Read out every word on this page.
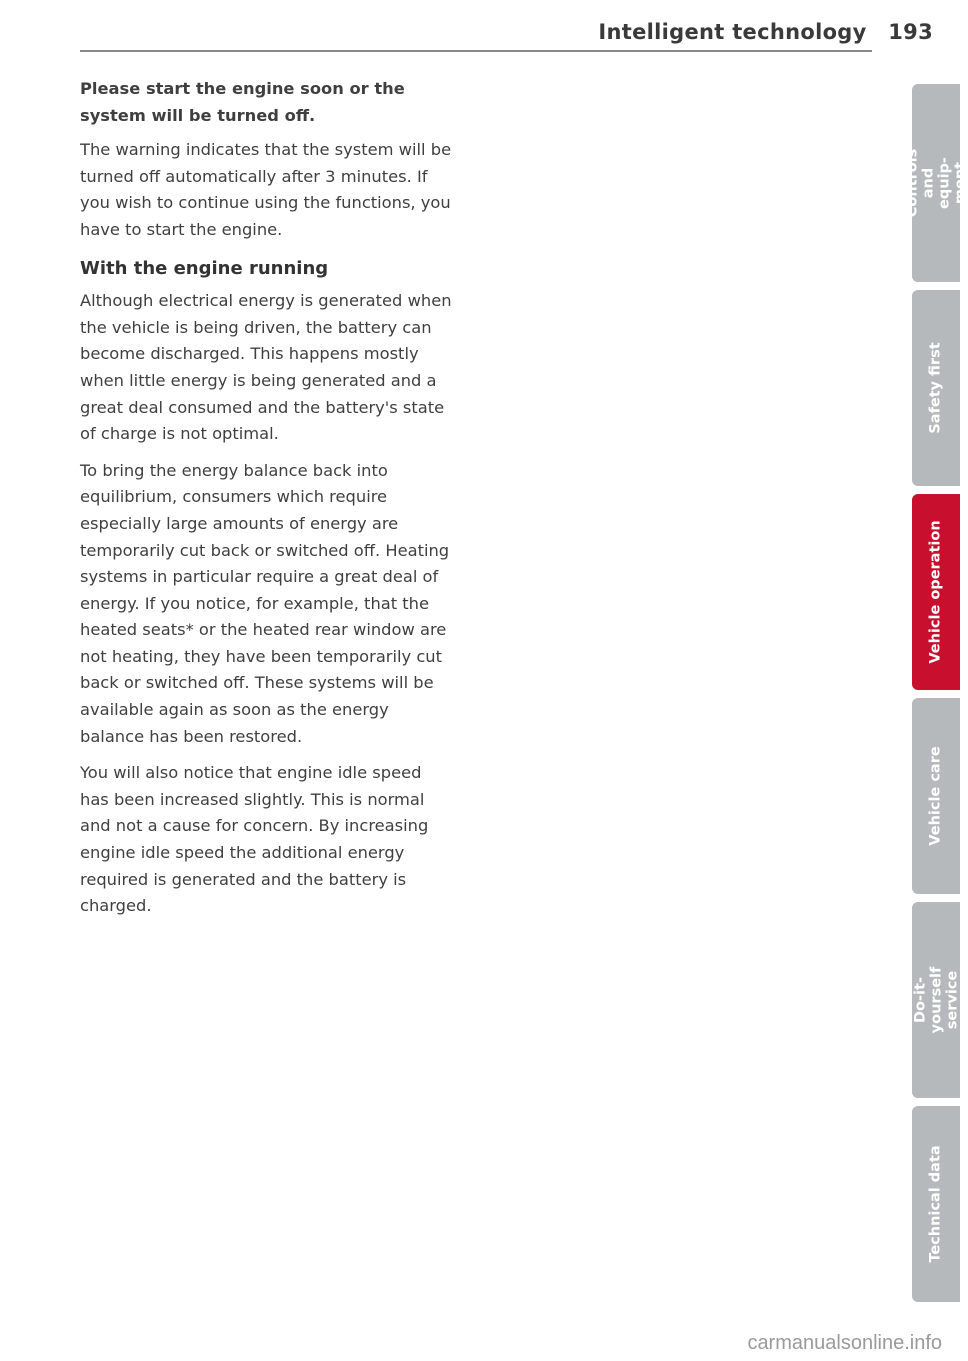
Intelligent technology 193

Please start the engine soon or the system will be turned off.

The warning indicates that the system will be turned off automatically after 3 minutes. If you wish to continue using the functions, you have to start the engine.

With the engine running

Although electrical energy is generated when the vehicle is being driven, the battery can become discharged. This happens mostly when little energy is being generated and a great deal consumed and the battery's state of charge is not optimal.

To bring the energy balance back into equilibrium, consumers which require especially large amounts of energy are temporarily cut back or switched off. Heating systems in particular require a great deal of energy. If you notice, for example, that the heated seats* or the heated rear window are not heating, they have been temporarily cut back or switched off. These systems will be available again as soon as the energy balance has been restored.

You will also notice that engine idle speed has been increased slightly. This is normal and not a cause for concern. By increasing engine idle speed the additional energy required is generated and the battery is charged.

Controls and equip-
ment
Safety first
Vehicle operation
Vehicle care
Do-it-yourself
service
Technical data
carmanualsonline.info
